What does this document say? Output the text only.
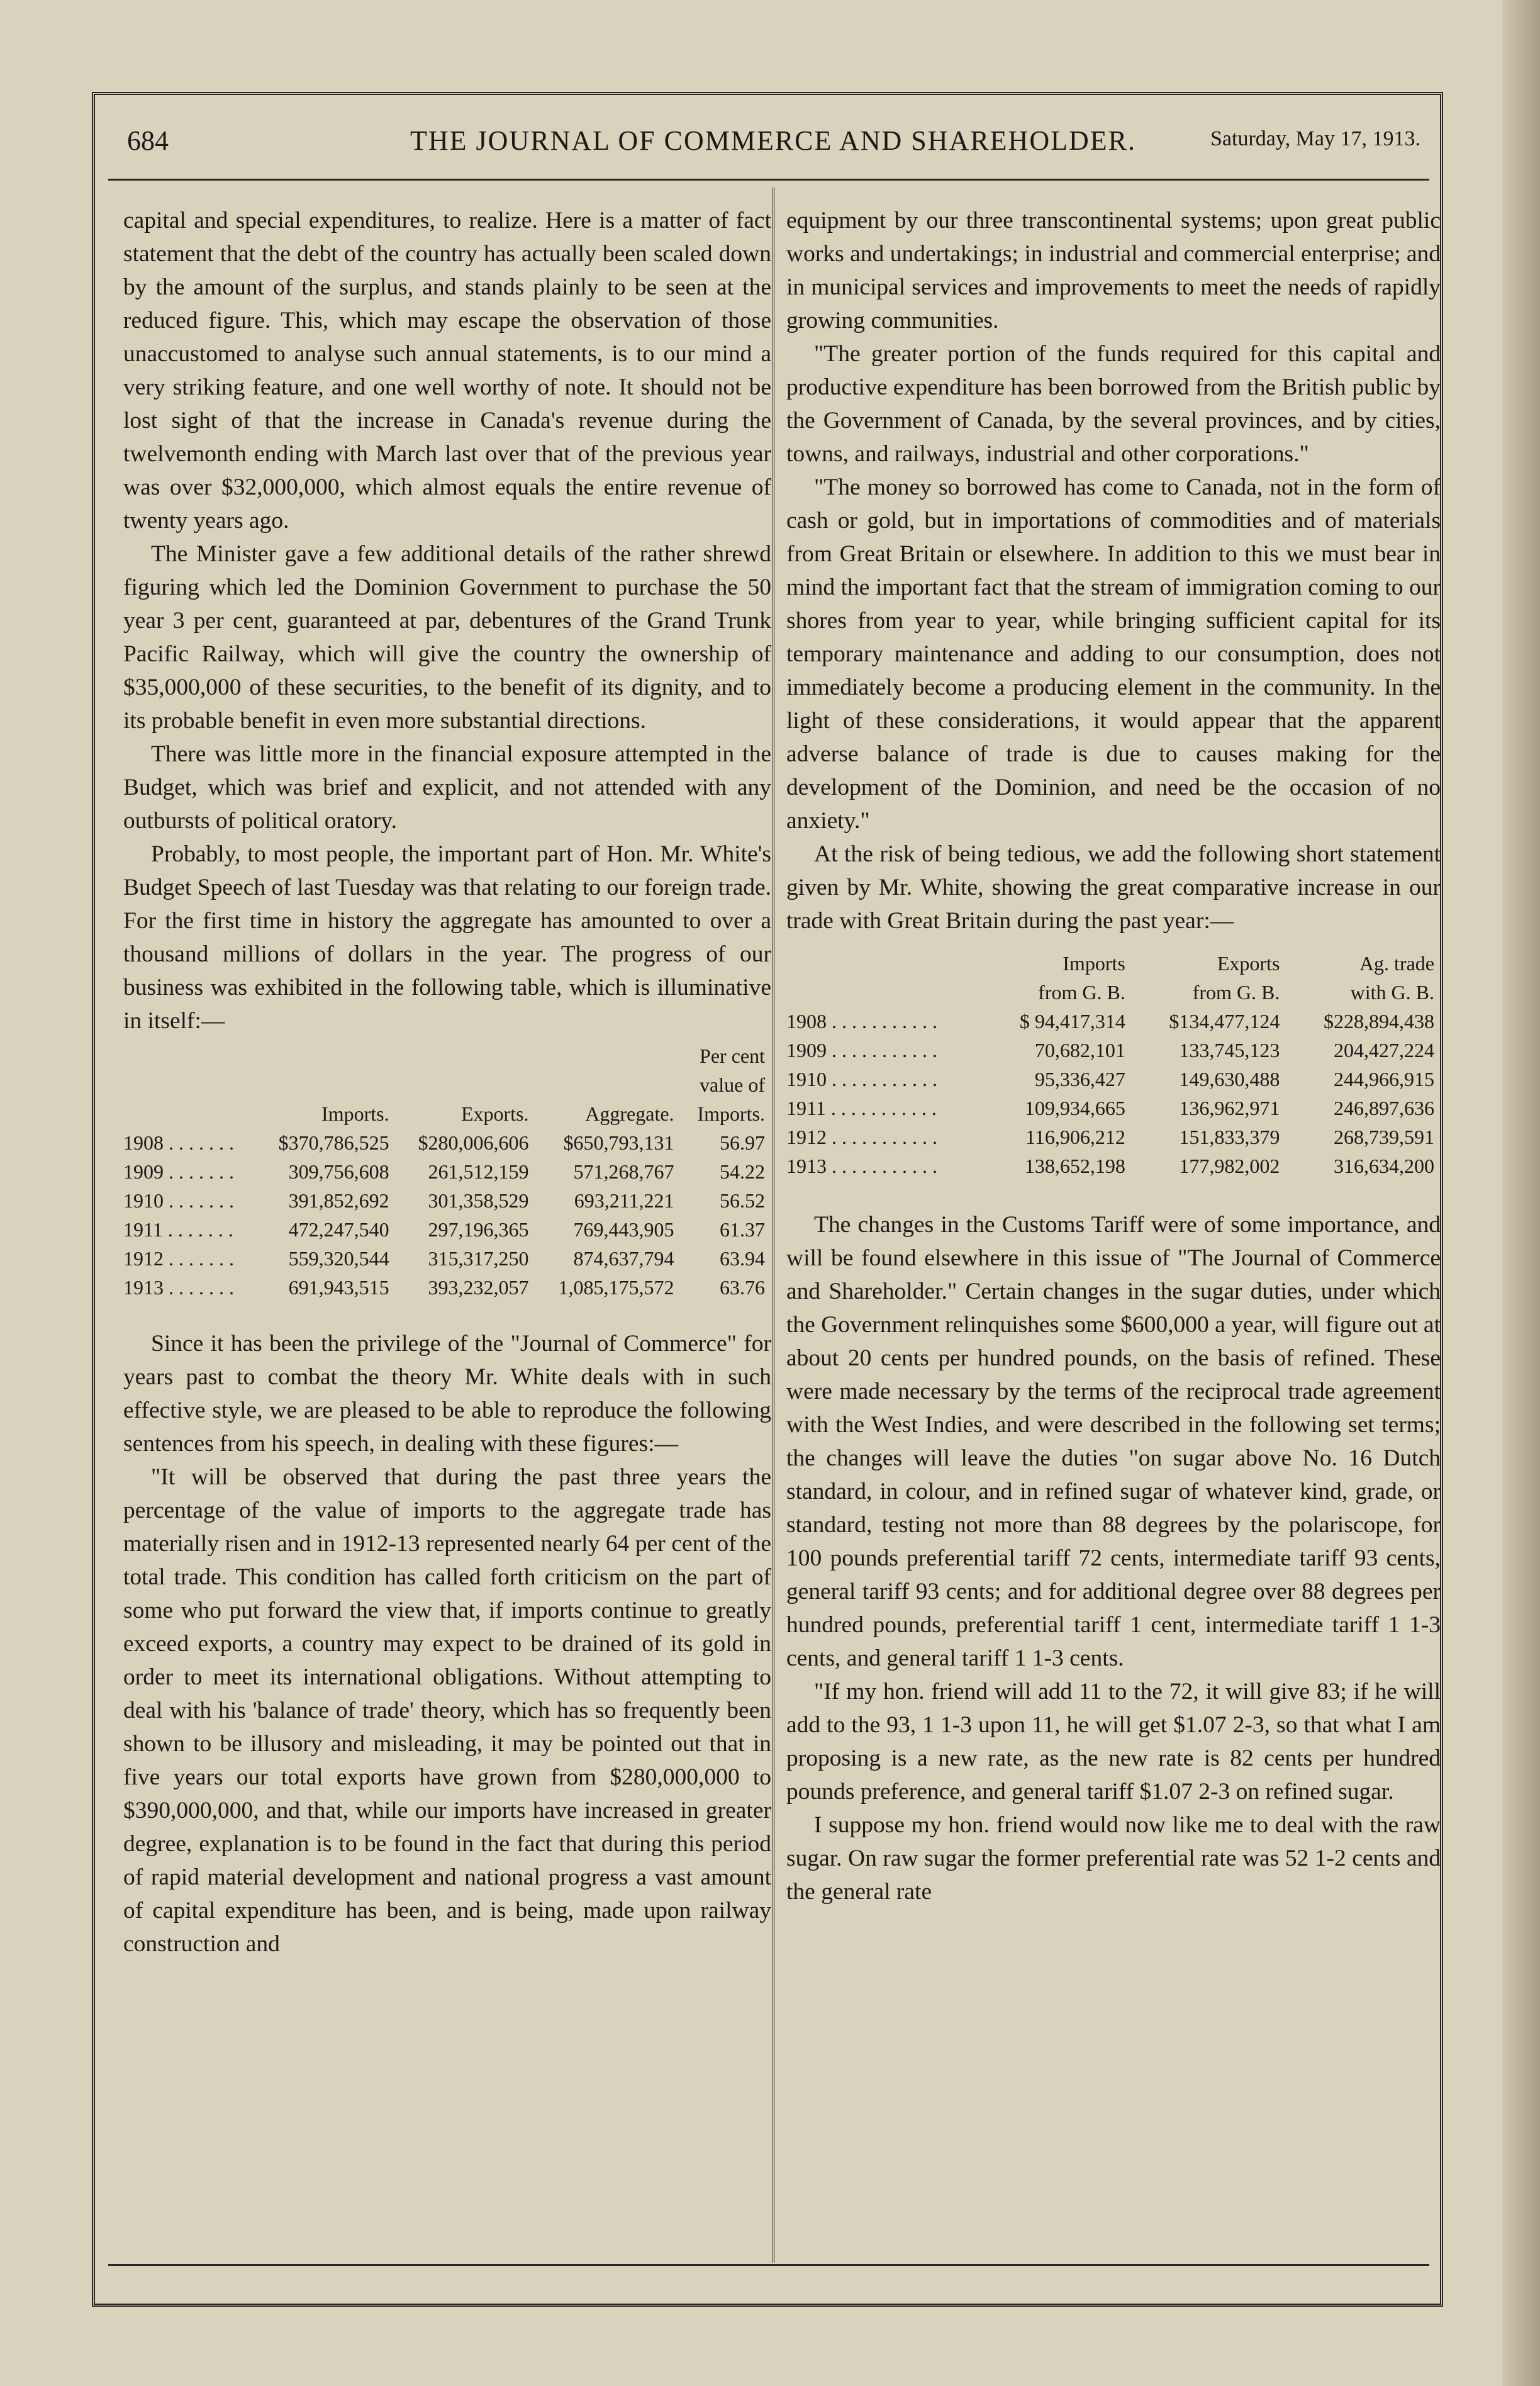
684	THE JOURNAL OF COMMERCE AND SHAREHOLDER.	Saturday, May 17, 1913.

capital and special expenditures, to realize. Here is a matter of fact statement that the debt of the country has actually been scaled down by the amount of the surplus, and stands plainly to be seen at the reduced figure. This, which may escape the observation of those unaccustomed to analyse such annual statements, is to our mind a very striking feature, and one well worthy of note. It should not be lost sight of that the increase in Canada's revenue during the twelvemonth ending with March last over that of the previous year was over $32,000,000, which almost equals the entire revenue of twenty years ago.

The Minister gave a few additional details of the rather shrewd figuring which led the Dominion Government to purchase the 50 year 3 per cent, guaranteed at par, debentures of the Grand Trunk Pacific Railway, which will give the country the ownership of $35,000,000 of these securities, to the benefit of its dignity, and to its probable benefit in even more substantial directions.

There was little more in the financial exposure attempted in the Budget, which was brief and explicit, and not attended with any outbursts of political oratory.

Probably, to most people, the important part of Hon. Mr. White's Budget Speech of last Tuesday was that relating to our foreign trade. For the first time in history the aggregate has amounted to over a thousand millions of dollars in the year. The progress of our business was exhibited in the following table, which is illuminative in itself:—

				Per cent
				value of
	Imports.	Exports.	Aggregate.	Imports.
1908 . . . . . . .	$370,786,525	$280,006,606	$650,793,131	56.97
1909 . . . . . . .	309,756,608	261,512,159	571,268,767	54.22
1910 . . . . . . .	391,852,692	301,358,529	693,211,221	56.52
1911 . . . . . . .	472,247,540	297,196,365	769,443,905	61.37
1912 . . . . . . .	559,320,544	315,317,250	874,637,794	63.94
1913 . . . . . . .	691,943,515	393,232,057	1,085,175,572	63.76

Since it has been the privilege of the "Journal of Commerce" for years past to combat the theory Mr. White deals with in such effective style, we are pleased to be able to reproduce the following sentences from his speech, in dealing with these figures:—

"It will be observed that during the past three years the percentage of the value of imports to the aggregate trade has materially risen and in 1912-13 represented nearly 64 per cent of the total trade. This condition has called forth criticism on the part of some who put forward the view that, if imports continue to greatly exceed exports, a country may expect to be drained of its gold in order to meet its international obligations. Without attempting to deal with his 'balance of trade' theory, which has so frequently been shown to be illusory and misleading, it may be pointed out that in five years our total exports have grown from $280,000,000 to $390,000,000, and that, while our imports have increased in greater degree, explanation is to be found in the fact that during this period of rapid material development and national progress a vast amount of capital expenditure has been, and is being, made upon railway construction and

equipment by our three transcontinental systems; upon great public works and undertakings; in industrial and commercial enterprise; and in municipal services and improvements to meet the needs of rapidly growing communities.

"The greater portion of the funds required for this capital and productive expenditure has been borrowed from the British public by the Government of Canada, by the several provinces, and by cities, towns, and railways, industrial and other corporations."

"The money so borrowed has come to Canada, not in the form of cash or gold, but in importations of commodities and of materials from Great Britain or elsewhere. In addition to this we must bear in mind the important fact that the stream of immigration coming to our shores from year to year, while bringing sufficient capital for its temporary maintenance and adding to our consumption, does not immediately become a producing element in the community. In the light of these considerations, it would appear that the apparent adverse balance of trade is due to causes making for the development of the Dominion, and need be the occasion of no anxiety."

At the risk of being tedious, we add the following short statement given by Mr. White, showing the great comparative increase in our trade with Great Britain during the past year:—

	Imports	Exports	Ag. trade
	from G. B.	from G. B.	with G. B.
1908 . . . . . . . . . . .	$ 94,417,314	$134,477,124	$228,894,438
1909 . . . . . . . . . . .	70,682,101	133,745,123	204,427,224
1910 . . . . . . . . . . .	95,336,427	149,630,488	244,966,915
1911 . . . . . . . . . . .	109,934,665	136,962,971	246,897,636
1912 . . . . . . . . . . .	116,906,212	151,833,379	268,739,591
1913 . . . . . . . . . . .	138,652,198	177,982,002	316,634,200

The changes in the Customs Tariff were of some importance, and will be found elsewhere in this issue of "The Journal of Commerce and Shareholder." Certain changes in the sugar duties, under which the Government relinquishes some $600,000 a year, will figure out at about 20 cents per hundred pounds, on the basis of refined. These were made necessary by the terms of the reciprocal trade agreement with the West Indies, and were described in the following set terms; the changes will leave the duties "on sugar above No. 16 Dutch standard, in colour, and in refined sugar of whatever kind, grade, or standard, testing not more than 88 degrees by the polariscope, for 100 pounds preferential tariff 72 cents, intermediate tariff 93 cents, general tariff 93 cents; and for additional degree over 88 degrees per hundred pounds, preferential tariff 1 cent, intermediate tariff 1 1-3 cents, and general tariff 1 1-3 cents.

"If my hon. friend will add 11 to the 72, it will give 83; if he will add to the 93, 1 1-3 upon 11, he will get $1.07 2-3, so that what I am proposing is a new rate, as the new rate is 82 cents per hundred pounds preference, and general tariff $1.07 2-3 on refined sugar.

I suppose my hon. friend would now like me to deal with the raw sugar. On raw sugar the former preferential rate was 52 1-2 cents and the general rate
